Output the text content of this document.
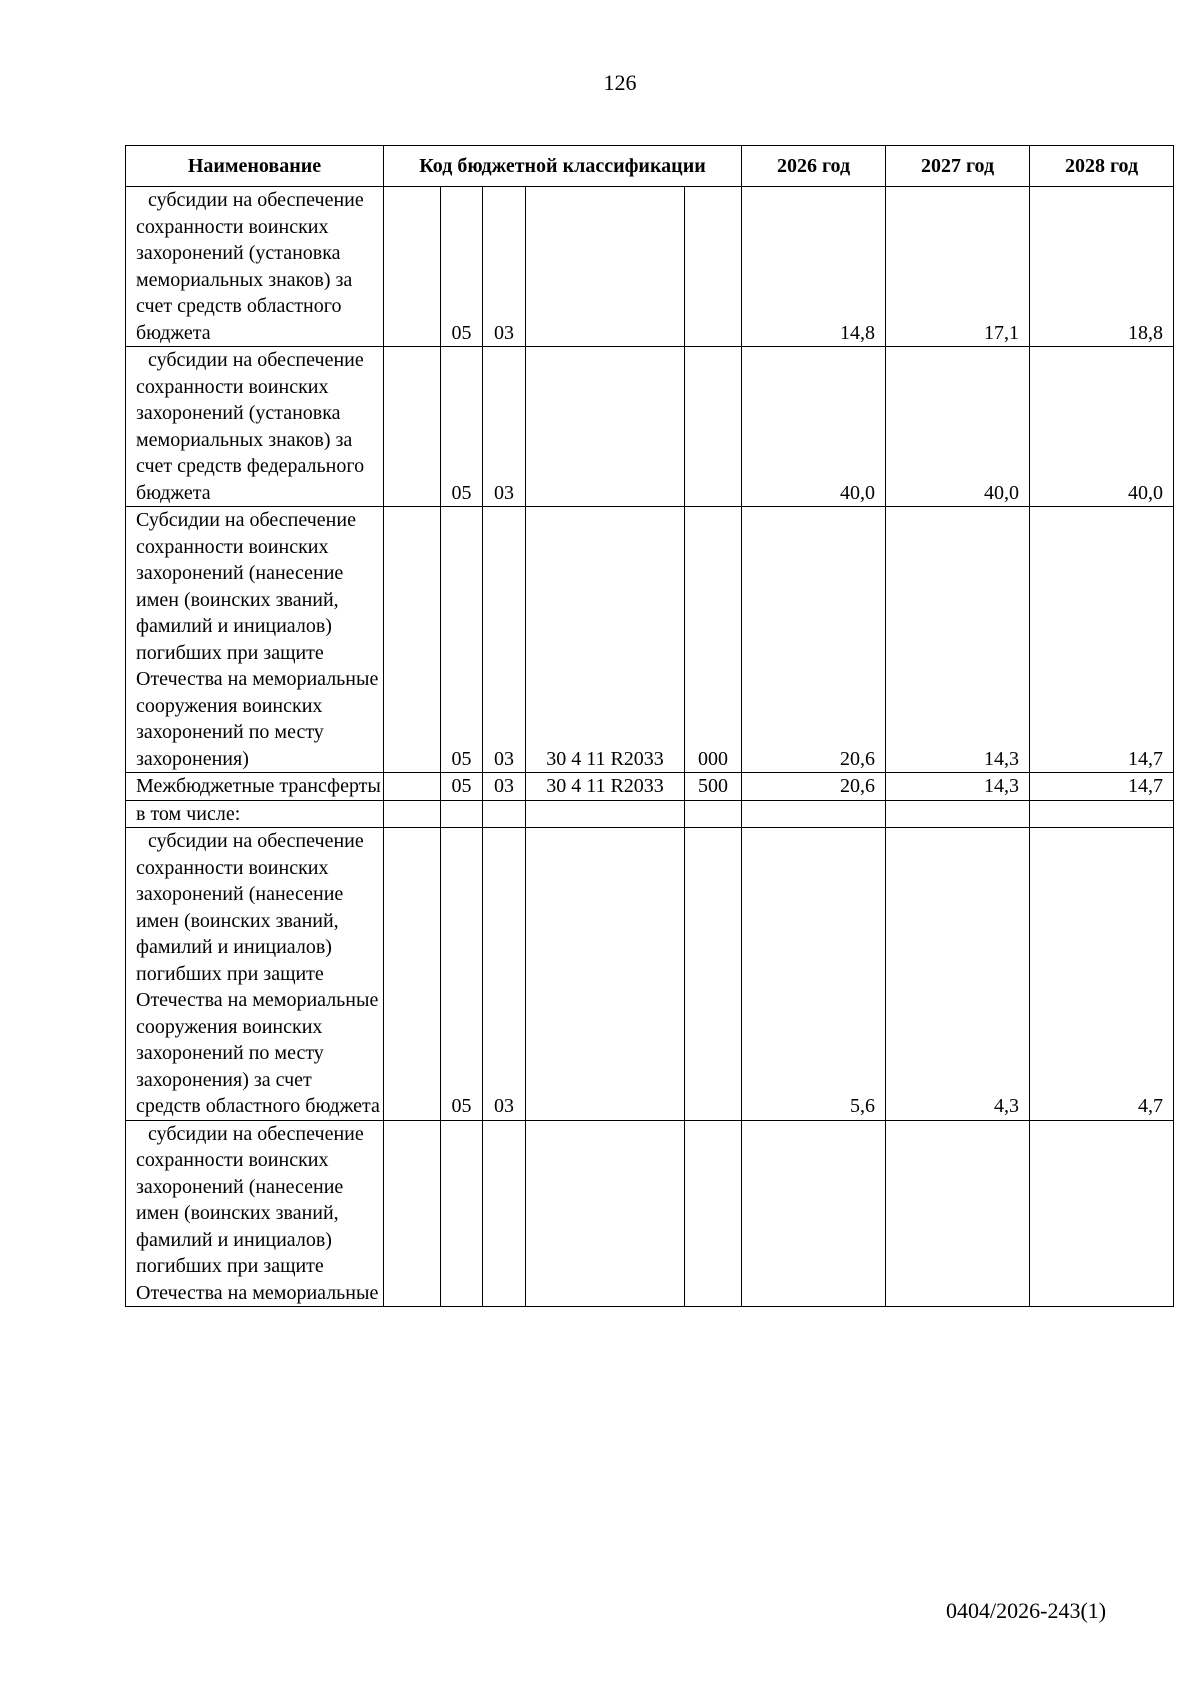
126
Наименование	Код бюджетной классификации					2026 год	2027 год	2028 год
субсидии на обеспечение сохранности воинских захоронений (установка мемориальных знаков) за счет средств областного бюджета		05	03			14,8	17,1	18,8
субсидии на обеспечение сохранности воинских захоронений (установка мемориальных знаков) за счет средств федерального бюджета		05	03			40,0	40,0	40,0
Субсидии на обеспечение сохранности воинских захоронений (нанесение имен (воинских званий, фамилий и инициалов) погибших при защите Отечества на мемориальные сооружения воинских захоронений по месту захоронения)		05	03	30 4 11 R2033	000	20,6	14,3	14,7
Межбюджетные трансферты		05	03	30 4 11 R2033	500	20,6	14,3	14,7
в том числе:								
субсидии на обеспечение сохранности воинских захоронений (нанесение имен (воинских званий, фамилий и инициалов) погибших при защите Отечества на мемориальные сооружения воинских захоронений по месту захоронения) за счет средств областного бюджета		05	03			5,6	4,3	4,7
субсидии на обеспечение сохранности воинских захоронений (нанесение имен (воинских званий, фамилий и инициалов) погибших при защите Отечества на мемориальные								
0404/2026-243(1)
